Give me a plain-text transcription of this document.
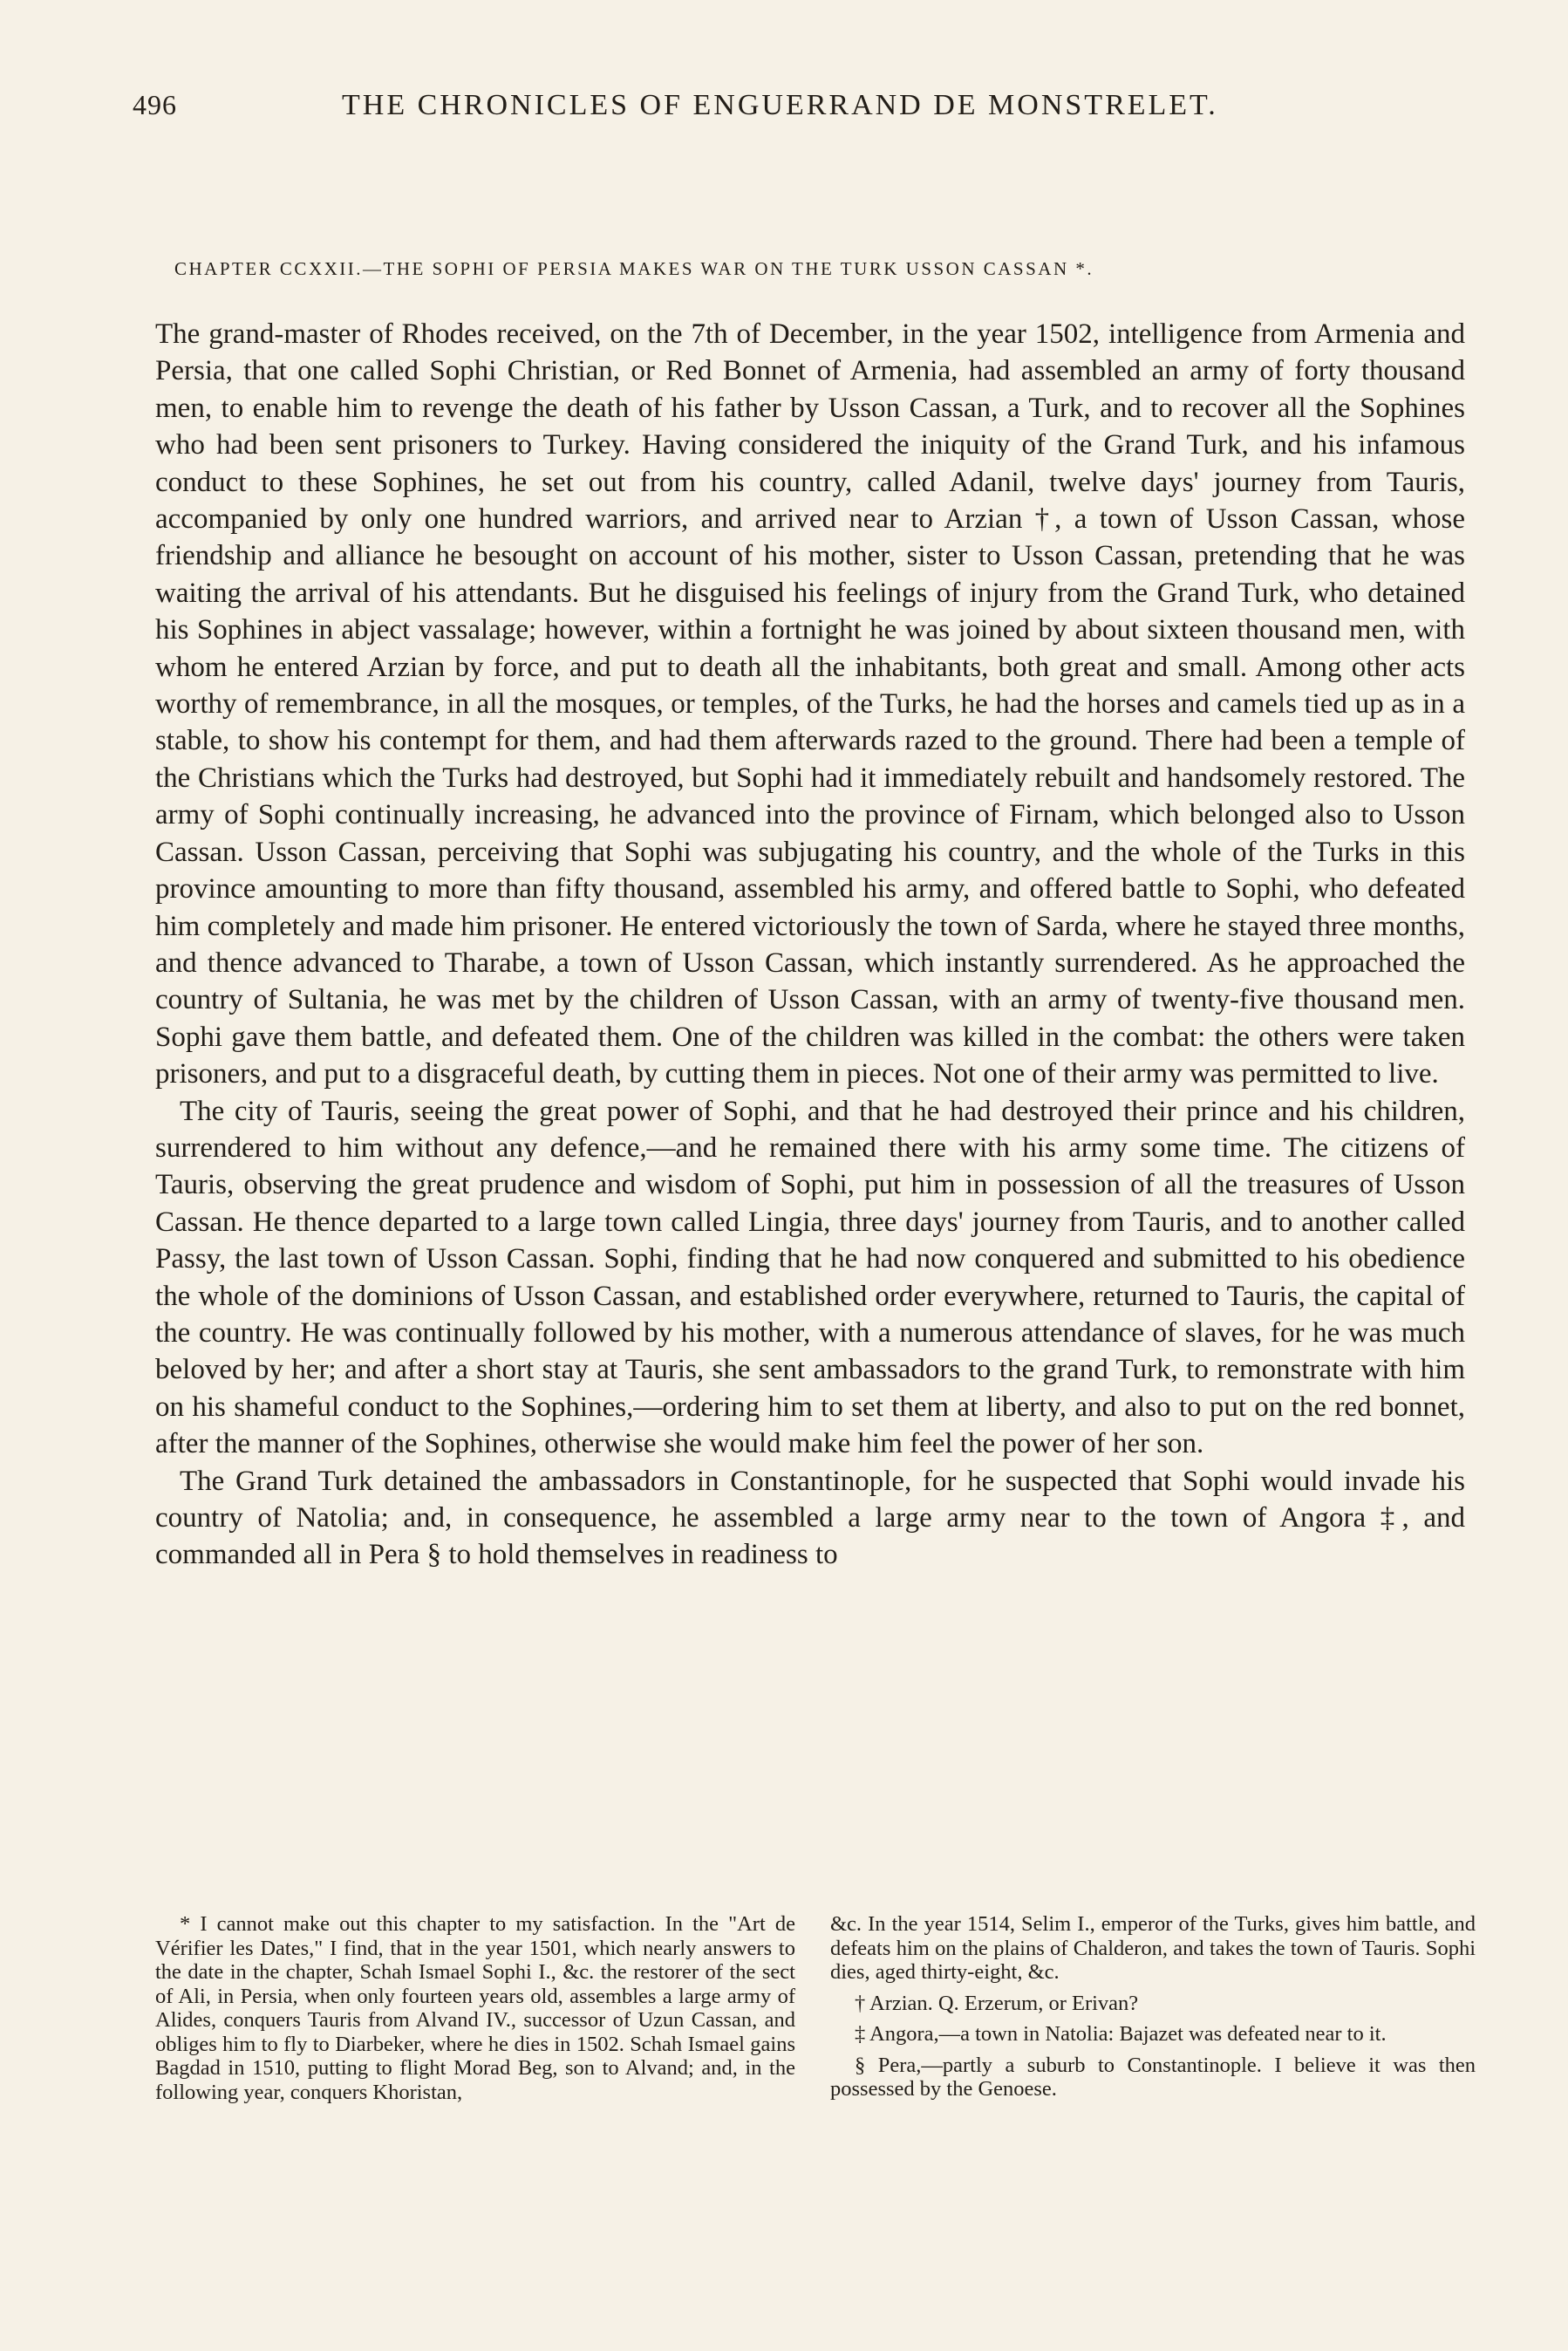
496	THE CHRONICLES OF ENGUERRAND DE MONSTRELET.
CHAPTER CCXXII.—THE SOPHI OF PERSIA MAKES WAR ON THE TURK USSON CASSAN *.

The grand-master of Rhodes received, on the 7th of December, in the year 1502, intelligence from Armenia and Persia, that one called Sophi Christian, or Red Bonnet of Armenia, had assembled an army of forty thousand men, to enable him to revenge the death of his father by Usson Cassan, a Turk, and to recover all the Sophines who had been sent prisoners to Turkey. Having considered the iniquity of the Grand Turk, and his infamous conduct to these Sophines, he set out from his country, called Adanil, twelve days' journey from Tauris, accompanied by only one hundred warriors, and arrived near to Arzian †, a town of Usson Cassan, whose friendship and alliance he besought on account of his mother, sister to Usson Cassan, pretending that he was waiting the arrival of his attendants. But he disguised his feelings of injury from the Grand Turk, who detained his Sophines in abject vassalage; however, within a fortnight he was joined by about sixteen thousand men, with whom he entered Arzian by force, and put to death all the inhabitants, both great and small. Among other acts worthy of remembrance, in all the mosques, or temples, of the Turks, he had the horses and camels tied up as in a stable, to show his contempt for them, and had them afterwards razed to the ground. There had been a temple of the Christians which the Turks had destroyed, but Sophi had it immediately rebuilt and handsomely restored. The army of Sophi continually increasing, he advanced into the province of Firnam, which belonged also to Usson Cassan. Usson Cassan, perceiving that Sophi was subjugating his country, and the whole of the Turks in this province amounting to more than fifty thousand, assembled his army, and offered battle to Sophi, who defeated him completely and made him prisoner. He entered victoriously the town of Sarda, where he stayed three months, and thence advanced to Tharabe, a town of Usson Cassan, which instantly surrendered. As he approached the country of Sultania, he was met by the children of Usson Cassan, with an army of twenty-five thousand men. Sophi gave them battle, and defeated them. One of the children was killed in the combat: the others were taken prisoners, and put to a disgraceful death, by cutting them in pieces. Not one of their army was permitted to live.

The city of Tauris, seeing the great power of Sophi, and that he had destroyed their prince and his children, surrendered to him without any defence,—and he remained there with his army some time. The citizens of Tauris, observing the great prudence and wisdom of Sophi, put him in possession of all the treasures of Usson Cassan. He thence departed to a large town called Lingia, three days' journey from Tauris, and to another called Passy, the last town of Usson Cassan. Sophi, finding that he had now conquered and submitted to his obedience the whole of the dominions of Usson Cassan, and established order everywhere, returned to Tauris, the capital of the country. He was continually followed by his mother, with a numerous attendance of slaves, for he was much beloved by her; and after a short stay at Tauris, she sent ambassadors to the grand Turk, to remonstrate with him on his shameful conduct to the Sophines,—ordering him to set them at liberty, and also to put on the red bonnet, after the manner of the Sophines, otherwise she would make him feel the power of her son.

The Grand Turk detained the ambassadors in Constantinople, for he suspected that Sophi would invade his country of Natolia; and, in consequence, he assembled a large army near to the town of Angora ‡, and commanded all in Pera § to hold themselves in readiness to

* I cannot make out this chapter to my satisfaction. In the "Art de Vérifier les Dates," I find, that in the year 1501, which nearly answers to the date in the chapter, Schah Ismael Sophi I., &c. the restorer of the sect of Ali, in Persia, when only fourteen years old, assembles a large army of Alides, conquers Tauris from Alvand IV., successor of Uzun Cassan, and obliges him to fly to Diarbeker, where he dies in 1502. Schah Ismael gains Bagdad in 1510, putting to flight Morad Beg, son to Alvand; and, in the following year, conquers Khoristan,

&c. In the year 1514, Selim I., emperor of the Turks, gives him battle, and defeats him on the plains of Chalderon, and takes the town of Tauris. Sophi dies, aged thirty-eight, &c.

† Arzian. Q. Erzerum, or Erivan?

‡ Angora,—a town in Natolia: Bajazet was defeated near to it.

§ Pera,—partly a suburb to Constantinople. I believe it was then possessed by the Genoese.
